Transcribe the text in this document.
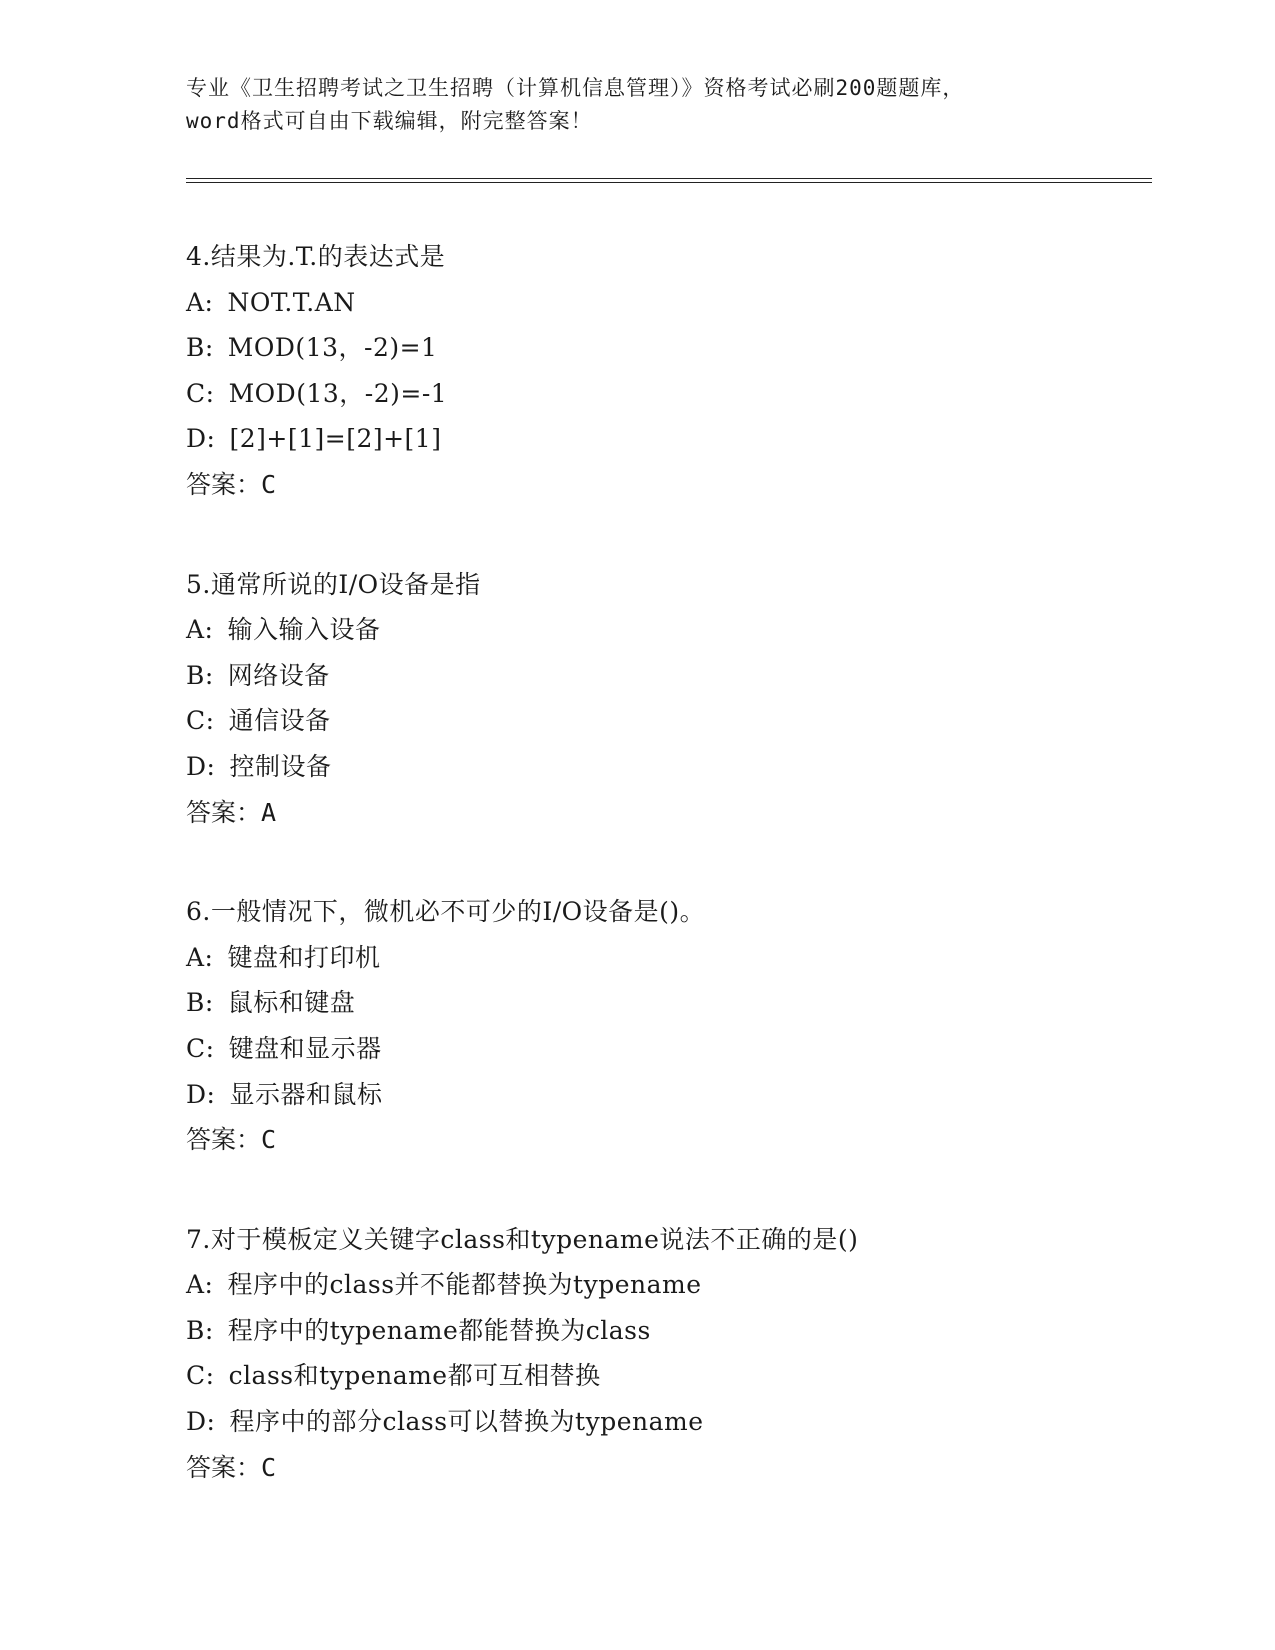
专业《卫生招聘考试之卫生招聘（计算机信息管理）》资格考试必刷200题题库，
word格式可自由下载编辑，附完整答案！
4.结果为.T.的表达式是
A: NOT.T.AN
B: MOD(13，-2)=1
C: MOD(13，-2)=-1
D: [2]+[1]=[2]+[1]
答案：C
5.通常所说的I/O设备是指
A: 输入输入设备
B: 网络设备
C: 通信设备
D: 控制设备
答案：A
6.一般情况下，微机必不可少的I/O设备是()。
A: 键盘和打印机
B: 鼠标和键盘
C: 键盘和显示器
D: 显示器和鼠标
答案：C
7.对于模板定义关键字class和typename说法不正确的是()
A: 程序中的class并不能都替换为typename
B: 程序中的typename都能替换为class
C: class和typename都可互相替换
D: 程序中的部分class可以替换为typename
答案：C
